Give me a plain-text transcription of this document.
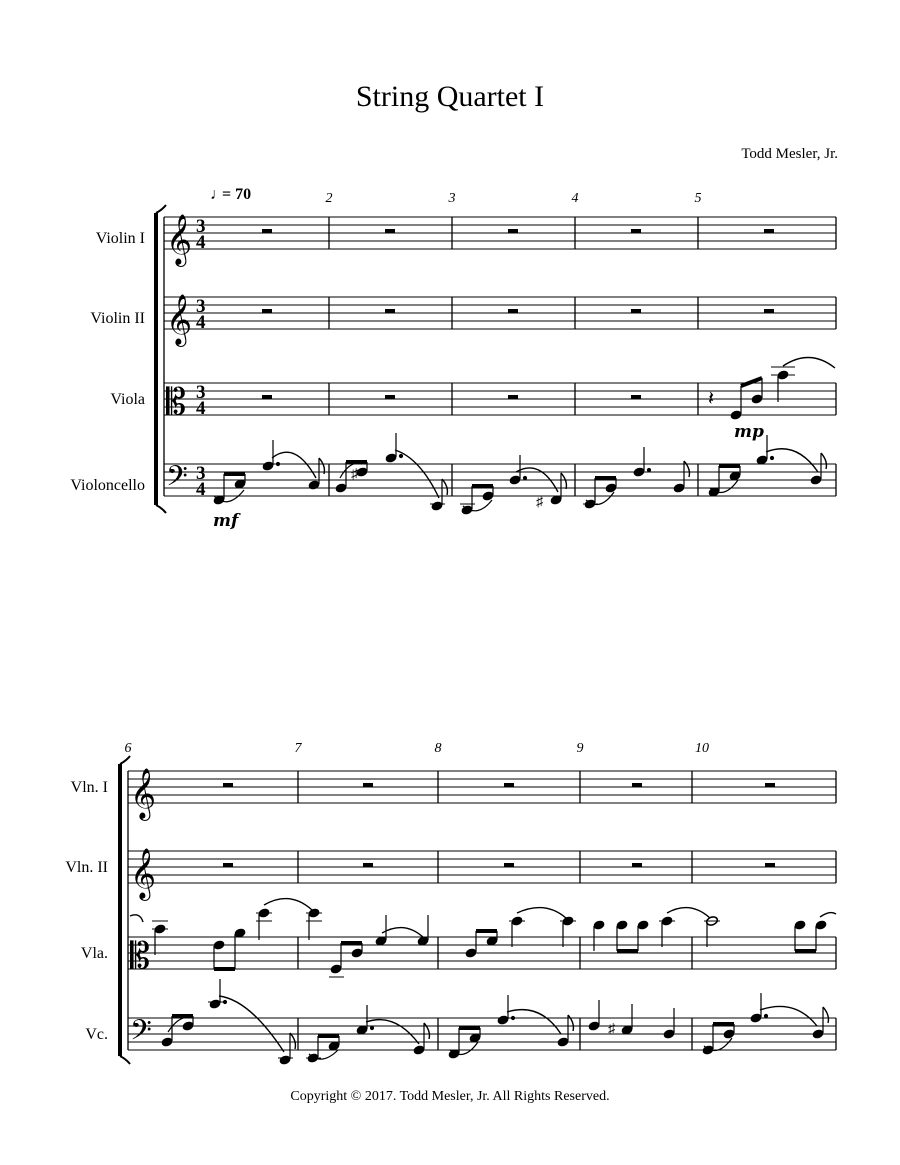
String Quartet I
Todd Mesler, Jr.
Copyright © 2017. Todd Mesler, Jr. All Rights Reserved.
Violin I
Violin II
Viola
Violoncello
𝄞
𝄞
𝄡
𝄢
3
4
3
4
3
4
3
4
♩
= 70	2	3	4	5
𝄽
mp
♯
♯
mf
Vln. I
Vln. II
Vla.
Vc.
𝄞
𝄞
𝄡
𝄢
6	7	8	9	10
♯
